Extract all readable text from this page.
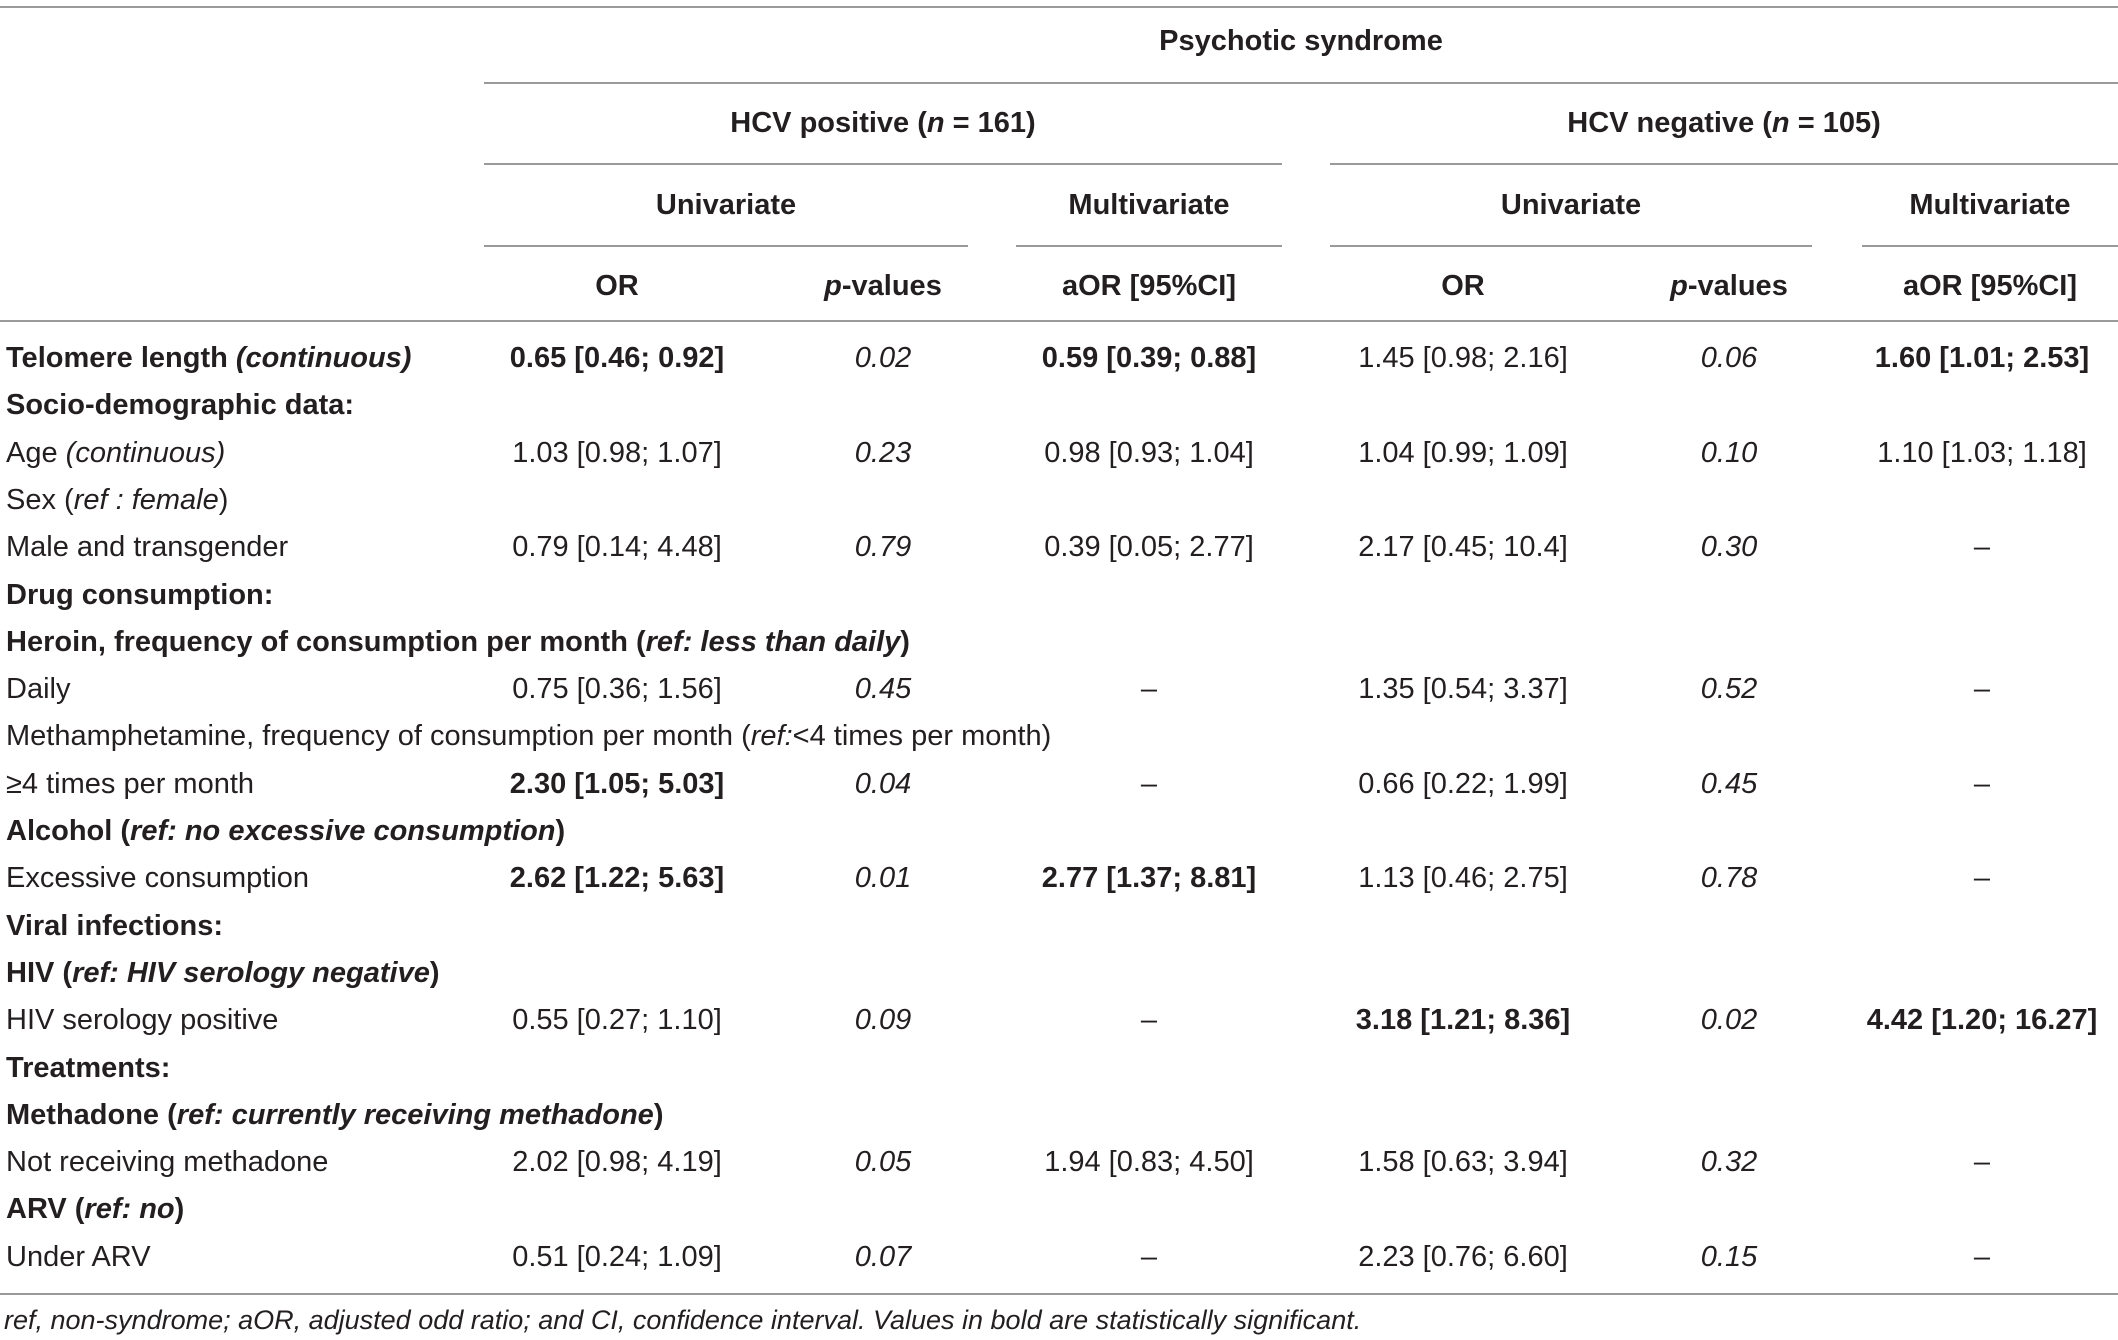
Psychotic syndrome
HCV positive (n = 161)	HCV negative (n = 105)
Univariate	Multivariate	Univariate	Multivariate
OR	p-values	aOR [95%CI]	OR	p-values	aOR [95%CI]
Telomere length (continuous)	0.65 [0.46; 0.92]	0.02	0.59 [0.39; 0.88]	1.45 [0.98; 2.16]	0.06	1.60 [1.01; 2.53]
Socio-demographic data:
Age (continuous)	1.03 [0.98; 1.07]	0.23	0.98 [0.93; 1.04]	1.04 [0.99; 1.09]	0.10	1.10 [1.03; 1.18]
Sex (ref : female)
Male and transgender	0.79 [0.14; 4.48]	0.79	0.39 [0.05; 2.77]	2.17 [0.45; 10.4]	0.30	–
Drug consumption:
Heroin, frequency of consumption per month (ref: less than daily)
Daily	0.75 [0.36; 1.56]	0.45	–	1.35 [0.54; 3.37]	0.52	–
Methamphetamine, frequency of consumption per month (ref:<4 times per month)
≥4 times per month	2.30 [1.05; 5.03]	0.04	–	0.66 [0.22; 1.99]	0.45	–
Alcohol (ref: no excessive consumption)
Excessive consumption	2.62 [1.22; 5.63]	0.01	2.77 [1.37; 8.81]	1.13 [0.46; 2.75]	0.78	–
Viral infections:
HIV (ref: HIV serology negative)
HIV serology positive	0.55 [0.27; 1.10]	0.09	–	3.18 [1.21; 8.36]	0.02	4.42 [1.20; 16.27]
Treatments:
Methadone (ref: currently receiving methadone)
Not receiving methadone	2.02 [0.98; 4.19]	0.05	1.94 [0.83; 4.50]	1.58 [0.63; 3.94]	0.32	–
ARV (ref: no)
Under ARV	0.51 [0.24; 1.09]	0.07	–	2.23 [0.76; 6.60]	0.15	–
ref, non-syndrome; aOR, adjusted odd ratio; and CI, confidence interval. Values in bold are statistically significant.
